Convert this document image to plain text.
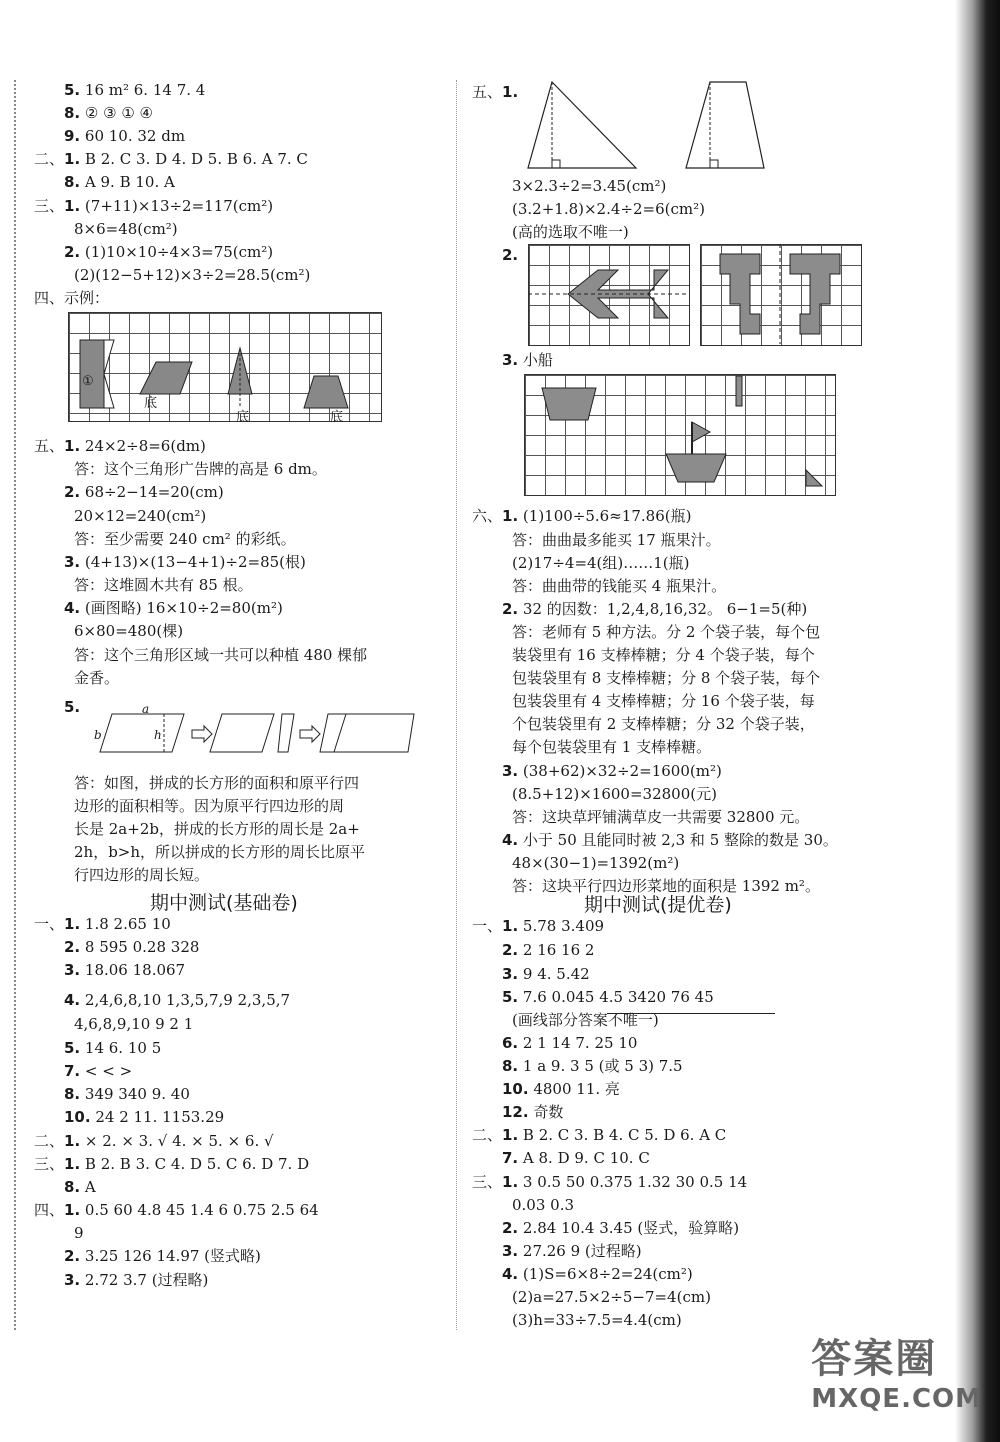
5. 16 m² 6. 14 7. 4
8. ② ③ ① ④
9. 60 10. 32 dm
二、1. B 2. C 3. D 4. D 5. B 6. A 7. C
8. A 9. B 10. A
三、1. (7+11)×13÷2=117(cm²)
8×6=48(cm²)
2. (1)10×10÷4×3=75(cm²)
(2)(12−5+12)×3÷2=28.5(cm²)
四、示例：
五、1. 24×2÷8=6(dm)
答：这个三角形广告牌的高是 6 dm。
2. 68÷2−14=20(cm)
20×12=240(cm²)
答：至少需要 240 cm² 的彩纸。
3. (4+13)×(13−4+1)÷2=85(根)
答：这堆圆木共有 85 根。
4. (画图略) 16×10÷2=80(m²)
6×80=480(棵)
答：这个三角形区域一共可以种植 480 棵郁
金香。
5.
答：如图，拼成的长方形的面积和原平行四
边形的面积相等。因为原平行四边形的周
长是 2a+2b，拼成的长方形的周长是 2a+
2h，b>h，所以拼成的长方形的周长比原平
行四边形的周长短。
一、1. 1.8 2.65 10
2. 8 595 0.28 328
3. 18.06 18.067
4. 2,4,6,8,10 1,3,5,7,9 2,3,5,7
4,6,8,9,10 9 2 1
5. 14 6. 10 5
7. < < >
8. 349 340 9. 40
10. 24 2 11. 1153.29
二、1. × 2. × 3. √ 4. × 5. × 6. √
三、1. B 2. B 3. C 4. D 5. C 6. D 7. D
8. A
四、1. 0.5 60 4.8 45 1.4 6 0.75 2.5 64
9
2. 3.25 126 14.97 (竖式略)
3. 2.72 3.7 (过程略)
五、1.
3×2.3÷2=3.45(cm²)
(3.2+1.8)×2.4÷2=6(cm²)
(高的选取不唯一)
2.
3. 小船
六、1. (1)100÷5.6≈17.86(瓶)
答：曲曲最多能买 17 瓶果汁。
(2)17÷4=4(组)……1(瓶)
答：曲曲带的钱能买 4 瓶果汁。
2. 32 的因数：1,2,4,8,16,32。 6−1=5(种)
答：老师有 5 种方法。分 2 个袋子装，每个包
装袋里有 16 支棒棒糖；分 4 个袋子装，每个
包装袋里有 8 支棒棒糖；分 8 个袋子装，每个
包装袋里有 4 支棒棒糖；分 16 个袋子装，每
个包装袋里有 2 支棒棒糖；分 32 个袋子装，
每个包装袋里有 1 支棒棒糖。
3. (38+62)×32÷2=1600(m²)
(8.5+12)×1600=32800(元)
答：这块草坪铺满草皮一共需要 32800 元。
4. 小于 50 且能同时被 2,3 和 5 整除的数是 30。
48×(30−1)=1392(m²)
答：这块平行四边形菜地的面积是 1392 m²。
一、1. 5.78 3.409
2. 2 16 16 2
3. 9 4. 5.42
5. 7.6 0.045 4.5 3420 76 45
(画线部分答案不唯一)
6. 2 1 14 7. 25 10
8. 1 a 9. 3 5 (或 5 3) 7.5
10. 4800 11. 亮
12. 奇数
二、1. B 2. C 3. B 4. C 5. D 6. A C
7. A 8. D 9. C 10. C
三、1. 3 0.5 50 0.375 1.32 30 0.5 14
0.03 0.3
2. 2.84 10.4 3.45 (竖式，验算略)
3. 27.26 9 (过程略)
4. (1)S=6×8÷2=24(cm²)
(2)a=27.5×2÷5−7=4(cm)
(3)h=33÷7.5=4.4(cm)
期中测试(基础卷)	期中测试(提优卷)
①
底
底	底
a
b	h
答案圈
MXQE.COM
